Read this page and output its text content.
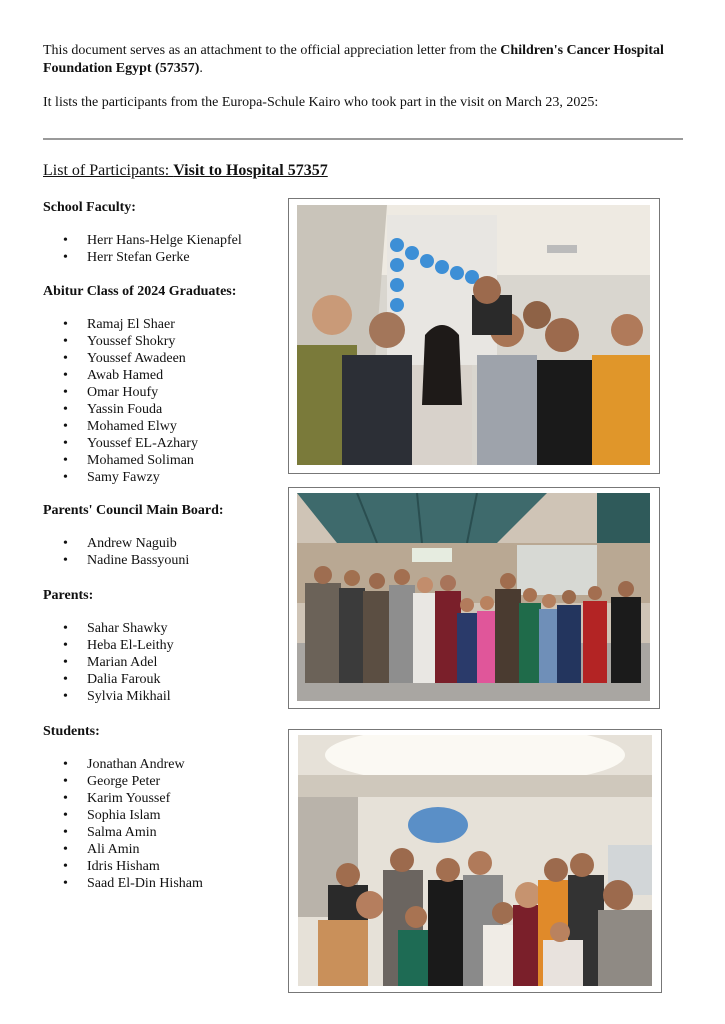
This document serves as an attachment to the official appreciation letter from the Children's Cancer Hospital Foundation Egypt (57357).

It lists the participants from the Europa-Schule Kairo who took part in the visit on March 23, 2025:

List of Participants: Visit to Hospital 57357
School Faculty:
• Herr Hans-Helge Kienapfel
• Herr Stefan Gerke
Abitur Class of 2024 Graduates:
• Ramaj El Shaer
• Youssef Shokry
• Youssef Awadeen
• Awab Hamed
• Omar Houfy
• Yassin Fouda
• Mohamed Elwy
• Youssef EL-Azhary
• Mohamed Soliman
• Samy Fawzy
Parents' Council Main Board:
• Andrew Naguib
• Nadine Bassyouni
Parents:
• Sahar Shawky
• Heba El-Leithy
• Marian Adel
• Dalia Farouk
• Sylvia Mikhail
Students:
• Jonathan Andrew
• George Peter
• Karim Youssef
• Sophia Islam
• Salma Amin
• Ali Amin
• Idris Hisham
• Saad El-Din Hisham
